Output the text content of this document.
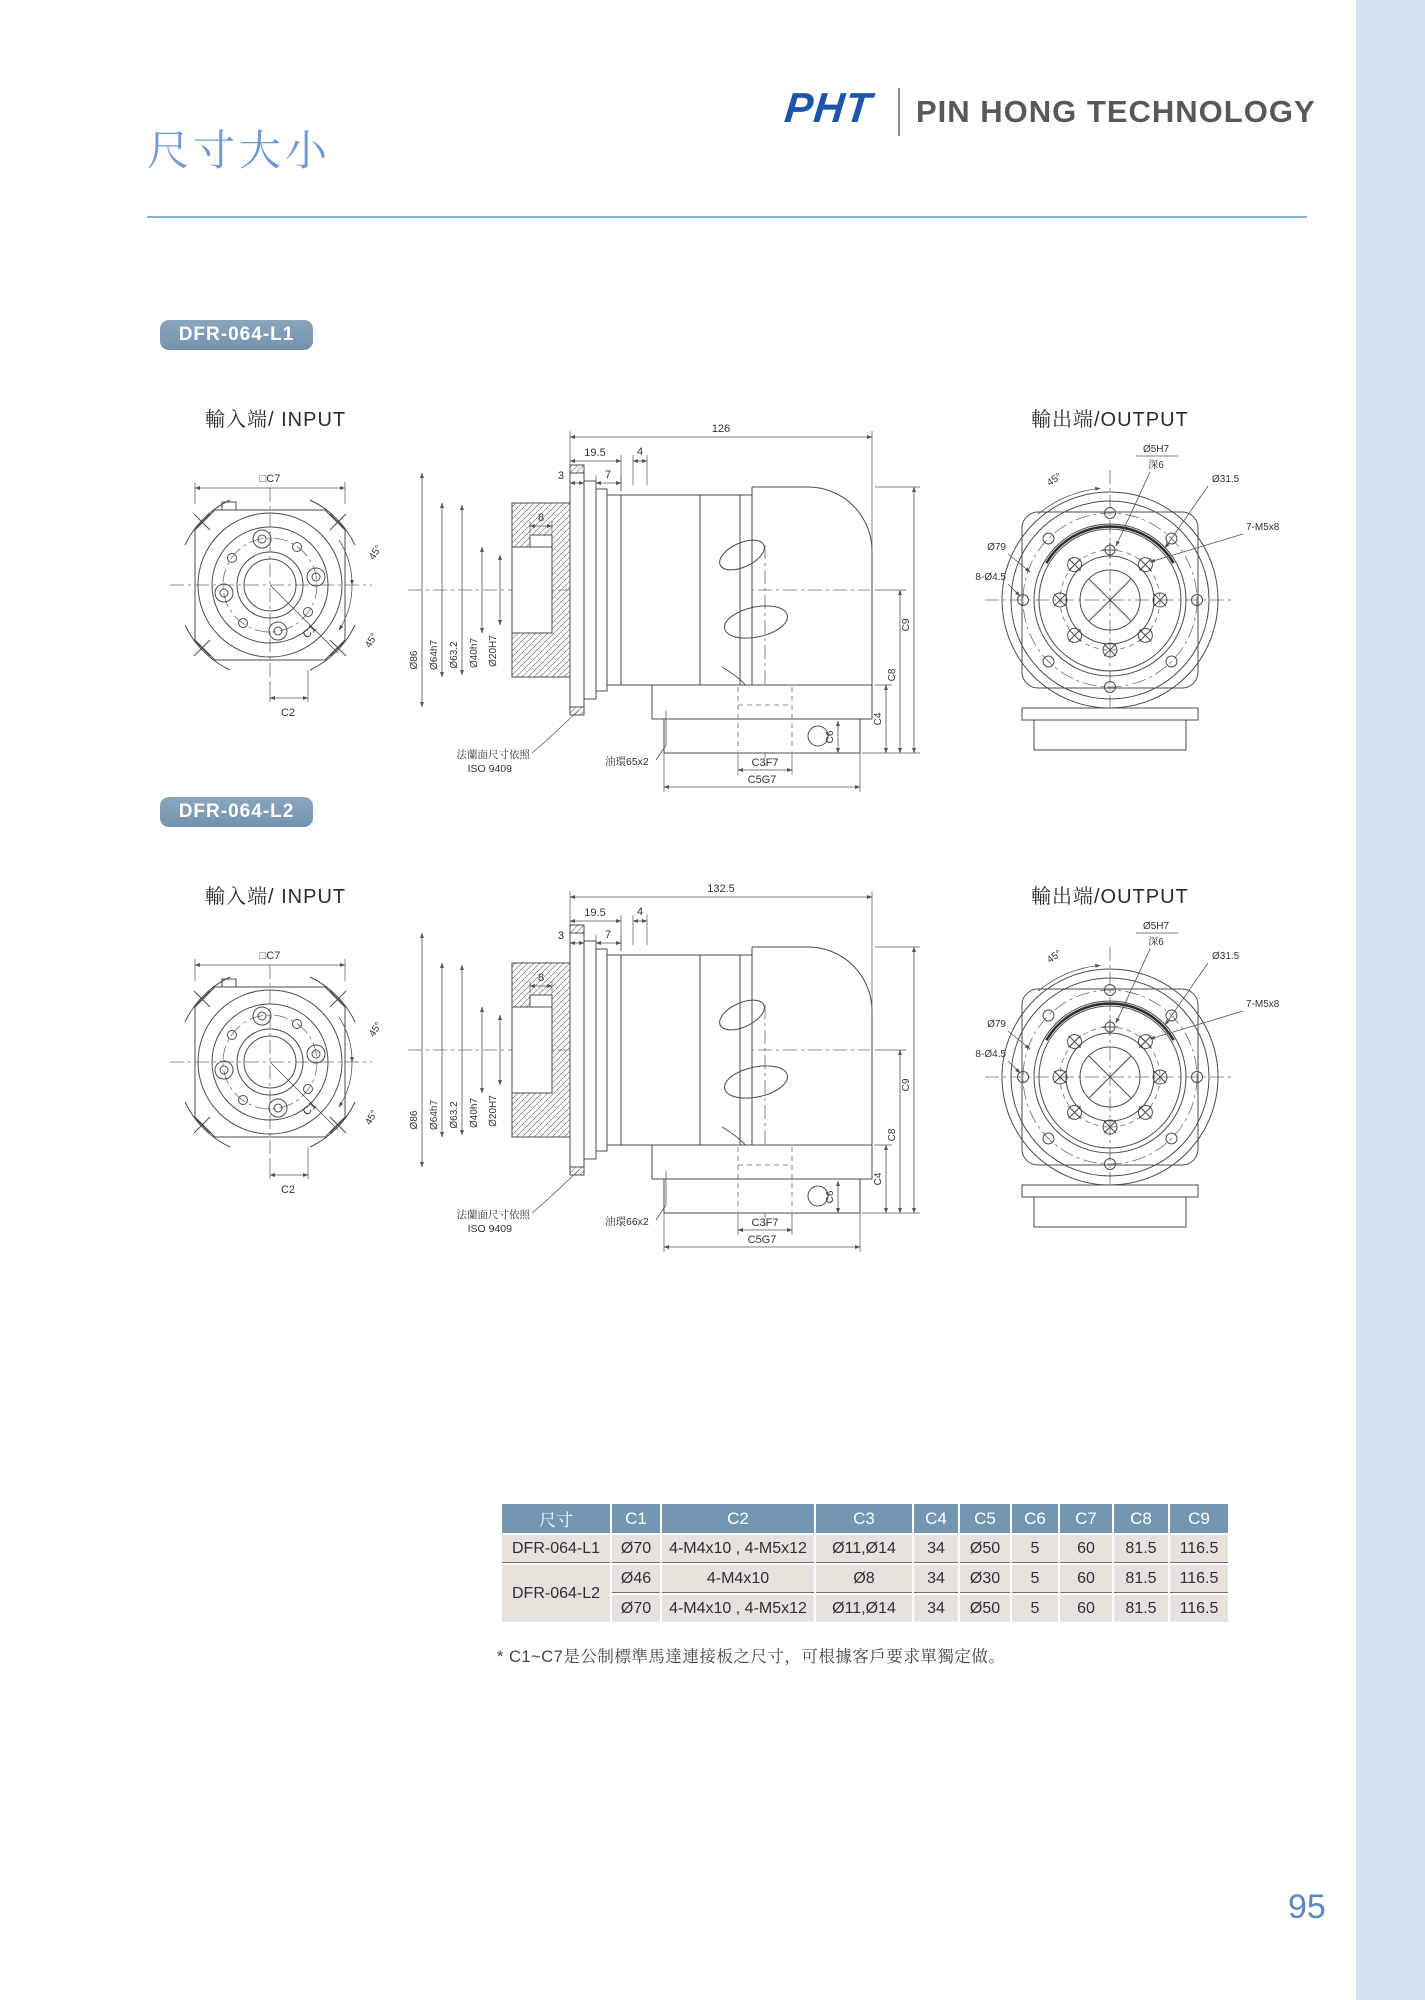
尺寸大小
PHT PIN HONG TECHNOLOGY
DFR-064-L1
輸入端/ INPUT	輸出端/OUTPUT
□C7
45°
45°
C1
C2
Ø86 Ø64h7 Ø63.2 Ø40h7 Ø20H7
8
126
19.5	4
3	7
C4
C8
C9
C6
C3F7
C5G7
法蘭面尺寸依照
ISO 9409
油環65x2
45°
Ø5H7
深6
Ø31.5
7-M5x8
Ø79
8-Ø4.5
DFR-064-L2
輸入端/ INPUT	輸出端/OUTPUT
□C7
45°
45°
C1
C2
Ø86 Ø64h7 Ø63.2 Ø40h7 Ø20H7
8
132.5
19.5	4
3	7
C4
C8
C9
C6
C3F7
C5G7
法蘭面尺寸依照
ISO 9409
油環66x2
45°
Ø5H7
深6
Ø31.5
7-M5x8
Ø79
8-Ø4.5
尺寸	C1	C2	C3	C4	C5	C6	C7	C8	C9
DFR-064-L1	Ø70	4-M4x10 , 4-M5x12	Ø11,Ø14	34	Ø50	5	60	81.5	116.5
DFR-064-L2	Ø46	4-M4x10	Ø8	34	Ø30	5	60	81.5	116.5
	Ø70	4-M4x10 , 4-M5x12	Ø11,Ø14	34	Ø50	5	60	81.5	116.5
* C1~C7是公制標準馬達連接板之尺寸，可根據客戶要求單獨定做。
95
